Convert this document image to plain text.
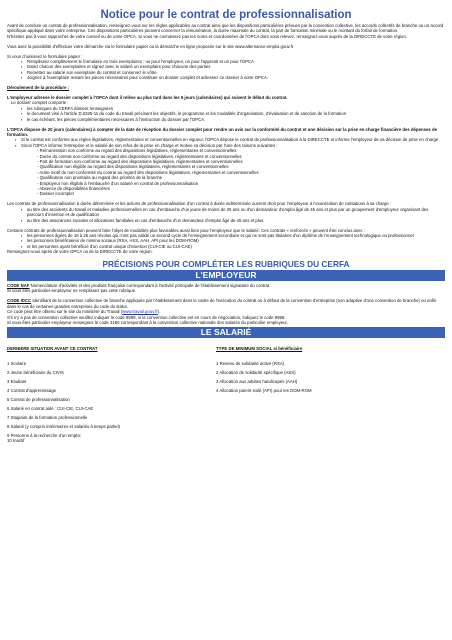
Notice pour le contrat de professionnalisation

Avant de conclure un contrat de professionnalisation, renseignez-vous sur les règles applicables au contrat ainsi que les dispositions particulières prévues par la convention collective, les accords collectifs de branche ou un accord spécifique appliqué dans votre entreprise. Ces dispositions particulières peuvent concerner la rémunération, la durée maximale du contrat, la part de formation minimale ou le montant du forfait de formation.

N'hésitez pas à vous rapprocher de votre conseil ou de votre OPCA. Si vous ne connaissez pas les noms et coordonnées de l'OPCA dont vous relevez, renseignez-vous auprès de la DIRECCTE de votre région.

Vous avez la possibilité d'effectuer votre démarche via le formulaire papier ou la démarche en ligne proposée sur le site www.alternance.emploi.gouv.fr

Si vous choisissez le formulaire papier :

▪ Remplissez complètement le formulaire en trois exemplaires : un pour l'employeur, un pour l'apprenti et un pour l'OPCA
▪ Datez chacun des exemplaires et signez avec le salarié un exemplaire pour chacune des parties
▪ Remettez au salarié son exemplaire du contrat et conservez le vôtre
▪ Joignez à l'exemplaire restant les pièces nécessaires pour constituer un dossier complet et adressez ce dossier à votre OPCA.

Déroulement de la procédure :

L'employeur adresse le dossier complet à l'OPCA dont il relève au plus tard dans les 5 jours (calendaires) qui suivent le début du contrat.

Le dossier complet comporte :

▪ les rubriques du CERFA dûment renseignées
▪ le document visé à l'article D.6325-11 du code du travail précisant les objectifs, le programme et les modalités d'organisation, d'évaluation et de sanction de la formation
▪ le cas échéant, les pièces complémentaires nécessaires à l'instruction du dossier par l'OPCA.

L'OPCA dispose de 20 jours (calendaires) à compter de la date de réception du dossier complet pour rendre un avis sur la conformité du contrat et une décision sur la prise en charge financière des dépenses de formation.

▪ Si le contrat est conforme aux règles législatives, réglementaires et conventionnelles en vigueur, l'OPCA dépose le contrat de professionnalisation à la DIRECCTE et informe l'employeur de sa décision de prise en charge
▪ Sinon l'OPCA informe l'entreprise et le salarié de son refus de la prise en charge et motive sa décision par l'une des raisons suivantes :
- Rémunération non conforme au regard des dispositions législatives, réglementaires et conventionnelles
- Durée du contrat non-conforme au regard des dispositions législatives, réglementaires et conventionnelles
- Part de formation non-conforme au regard des dispositions législatives, réglementaires et conventionnelles
- Qualification non éligible au regard des dispositions législatives, réglementaires et conventionnelles
- Autre motif de non-conformité du contrat au regard des dispositions législatives, réglementaires et conventionnelles
- Qualification non prioritaire au regard des priorités de la branche
- Employeur non éligible à l'embauche d'un salarié en contrat de professionnalisation
- Absence de disponibilités financières
- Dossier incomplet

Les contrats de professionnalisation à durée déterminée et les actions de professionnalisation d'un contrat à durée indéterminée ouvrent droit pour l'employeur à l'exonération de cotisations à sa charge :

▪ au titre des accidents du travail et maladies professionnelles en cas d'embauche d'un jeune de moins de 26 ans ou d'un demandeur d'emploi âgé de 45 ans et plus par un groupement d'employeur organisant des parcours d'insertion et de qualification
▪ au titre des assurances sociales et allocations familiales en cas d'embauche d'un demandeur d'emploi âgé de 45 ans et plus.

Certains contrats de professionnalisation peuvent faire l'objet de modalités plus favorables aussi bien pour l'employeur que le salarié. Ces contrats « renforcés » peuvent être conclus avec :

▪ les personnes âgées de 16 à 25 ans révolus qui n'ont pas validé un second cycle de l'enseignement secondaire et qui ne sont pas titulaires d'un diplôme de l'enseignement technologique ou professionnel
▪ les personnes bénéficiaires de minima sociaux (RSA, ASS, AAH, API pour les DOM-ROM)
▪ et les personnes ayant bénéficié d'un contrat unique d'insertion (CUI-CIE ou CUI-CAE)

Renseignez-vous après de votre OPCA ou de la DIRECCTE de votre région.

PRÉCISIONS POUR COMPLÉTER LES RUBRIQUES DU CERFA
L'EMPLOYEUR

CODE NAF Nomenclature d'activités et des produits française correspondant à l'activité principale de l'établissement signataire du contrat.

Si vous êtes particulier-employeur ne remplissez pas cette rubrique.

CODE IDCC Identifiant de la convention collective de branche appliquée par l'établissement dans le cadre de l'exécution du contrat ou à défaut de la convention d'entreprise (non adaptive d'une convention de branche) ou enfin dans le cas de certaines grandes entreprises du code du statut.

Ce code peut être obtenu sur le site du ministère du Travail (www.travail.gouv.fr).

S'il n'y a pas de convention collective veuillez indiquer le code 9999, si la convention collective est en cours de négociation, indiquez le code 9998.

Si vous êtes particulier employeur renseignez le code 3180 correspondant à la convention collective nationale des salariés du particulier employeur.

LE SALARIÉ

DERNIÈRE SITUATION AVANT CE CONTRAT

1 Scolaire
2 Jeune bénéficiaire du CIVIS
3 Etudiant
4 Contrat d'apprentissage
5 Contrat de professionnalisation
6 Salarié en contrat aidé : CUI-CIE, CUI-CAE
7 Stagiaire de la formation professionnelle
8 Salarié (y compris intérimaires et salariés à temps partiel)
9 Personne à la recherche d'un emploi
10 Inactif

TYPE DE MINIMUM SOCIAL si bénéficiaire

1 Revenu de solidarité active (RSA)
2 Allocation de solidarité spécifique (ASS)
3 Allocation aux adultes handicapés (AAH)
4 Allocation parent isolé (API) pour les DOM-ROM
